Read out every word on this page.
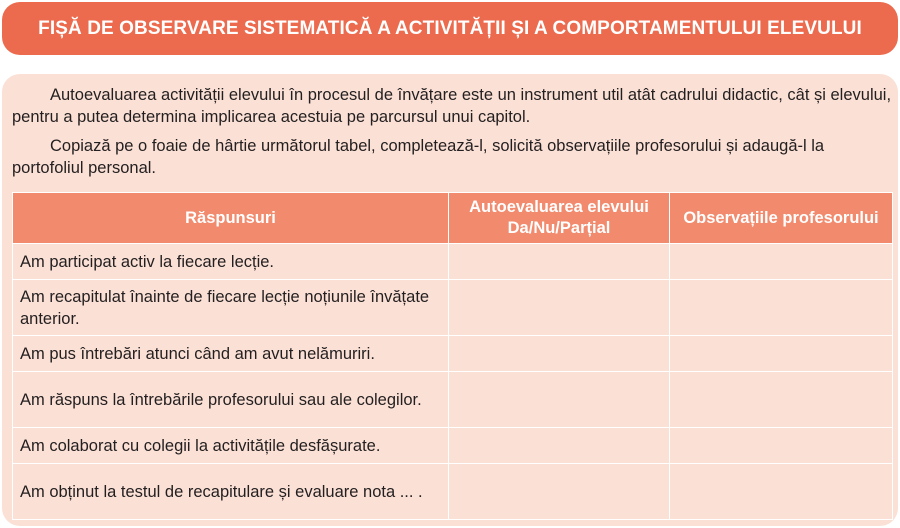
FIȘĂ DE OBSERVARE SISTEMATICĂ A ACTIVITĂȚII ȘI A COMPORTAMENTULUI ELEVULUI

Autoevaluarea activității elevului în procesul de învățare este un instrument util atât cadrului didactic, cât și elevului, pentru a putea determina implicarea acestuia pe parcursul unui capitol.

Copiază pe o foaie de hârtie următorul tabel, completează-l, solicită observațiile profesorului și adaugă-l la portofoliul personal.

Răspunsuri	Autoevaluarea elevului Da/Nu/Parțial	Observațiile profesorului
Am participat activ la fiecare lecție.		
Am recapitulat înainte de fiecare lecție noțiunile învățate anterior.		
Am pus întrebări atunci când am avut nelămuriri.		
Am răspuns la întrebările profesorului sau ale colegilor.		
Am colaborat cu colegii la activitățile desfășurate.		
Am obținut la testul de recapitulare și evaluare nota ... .		
